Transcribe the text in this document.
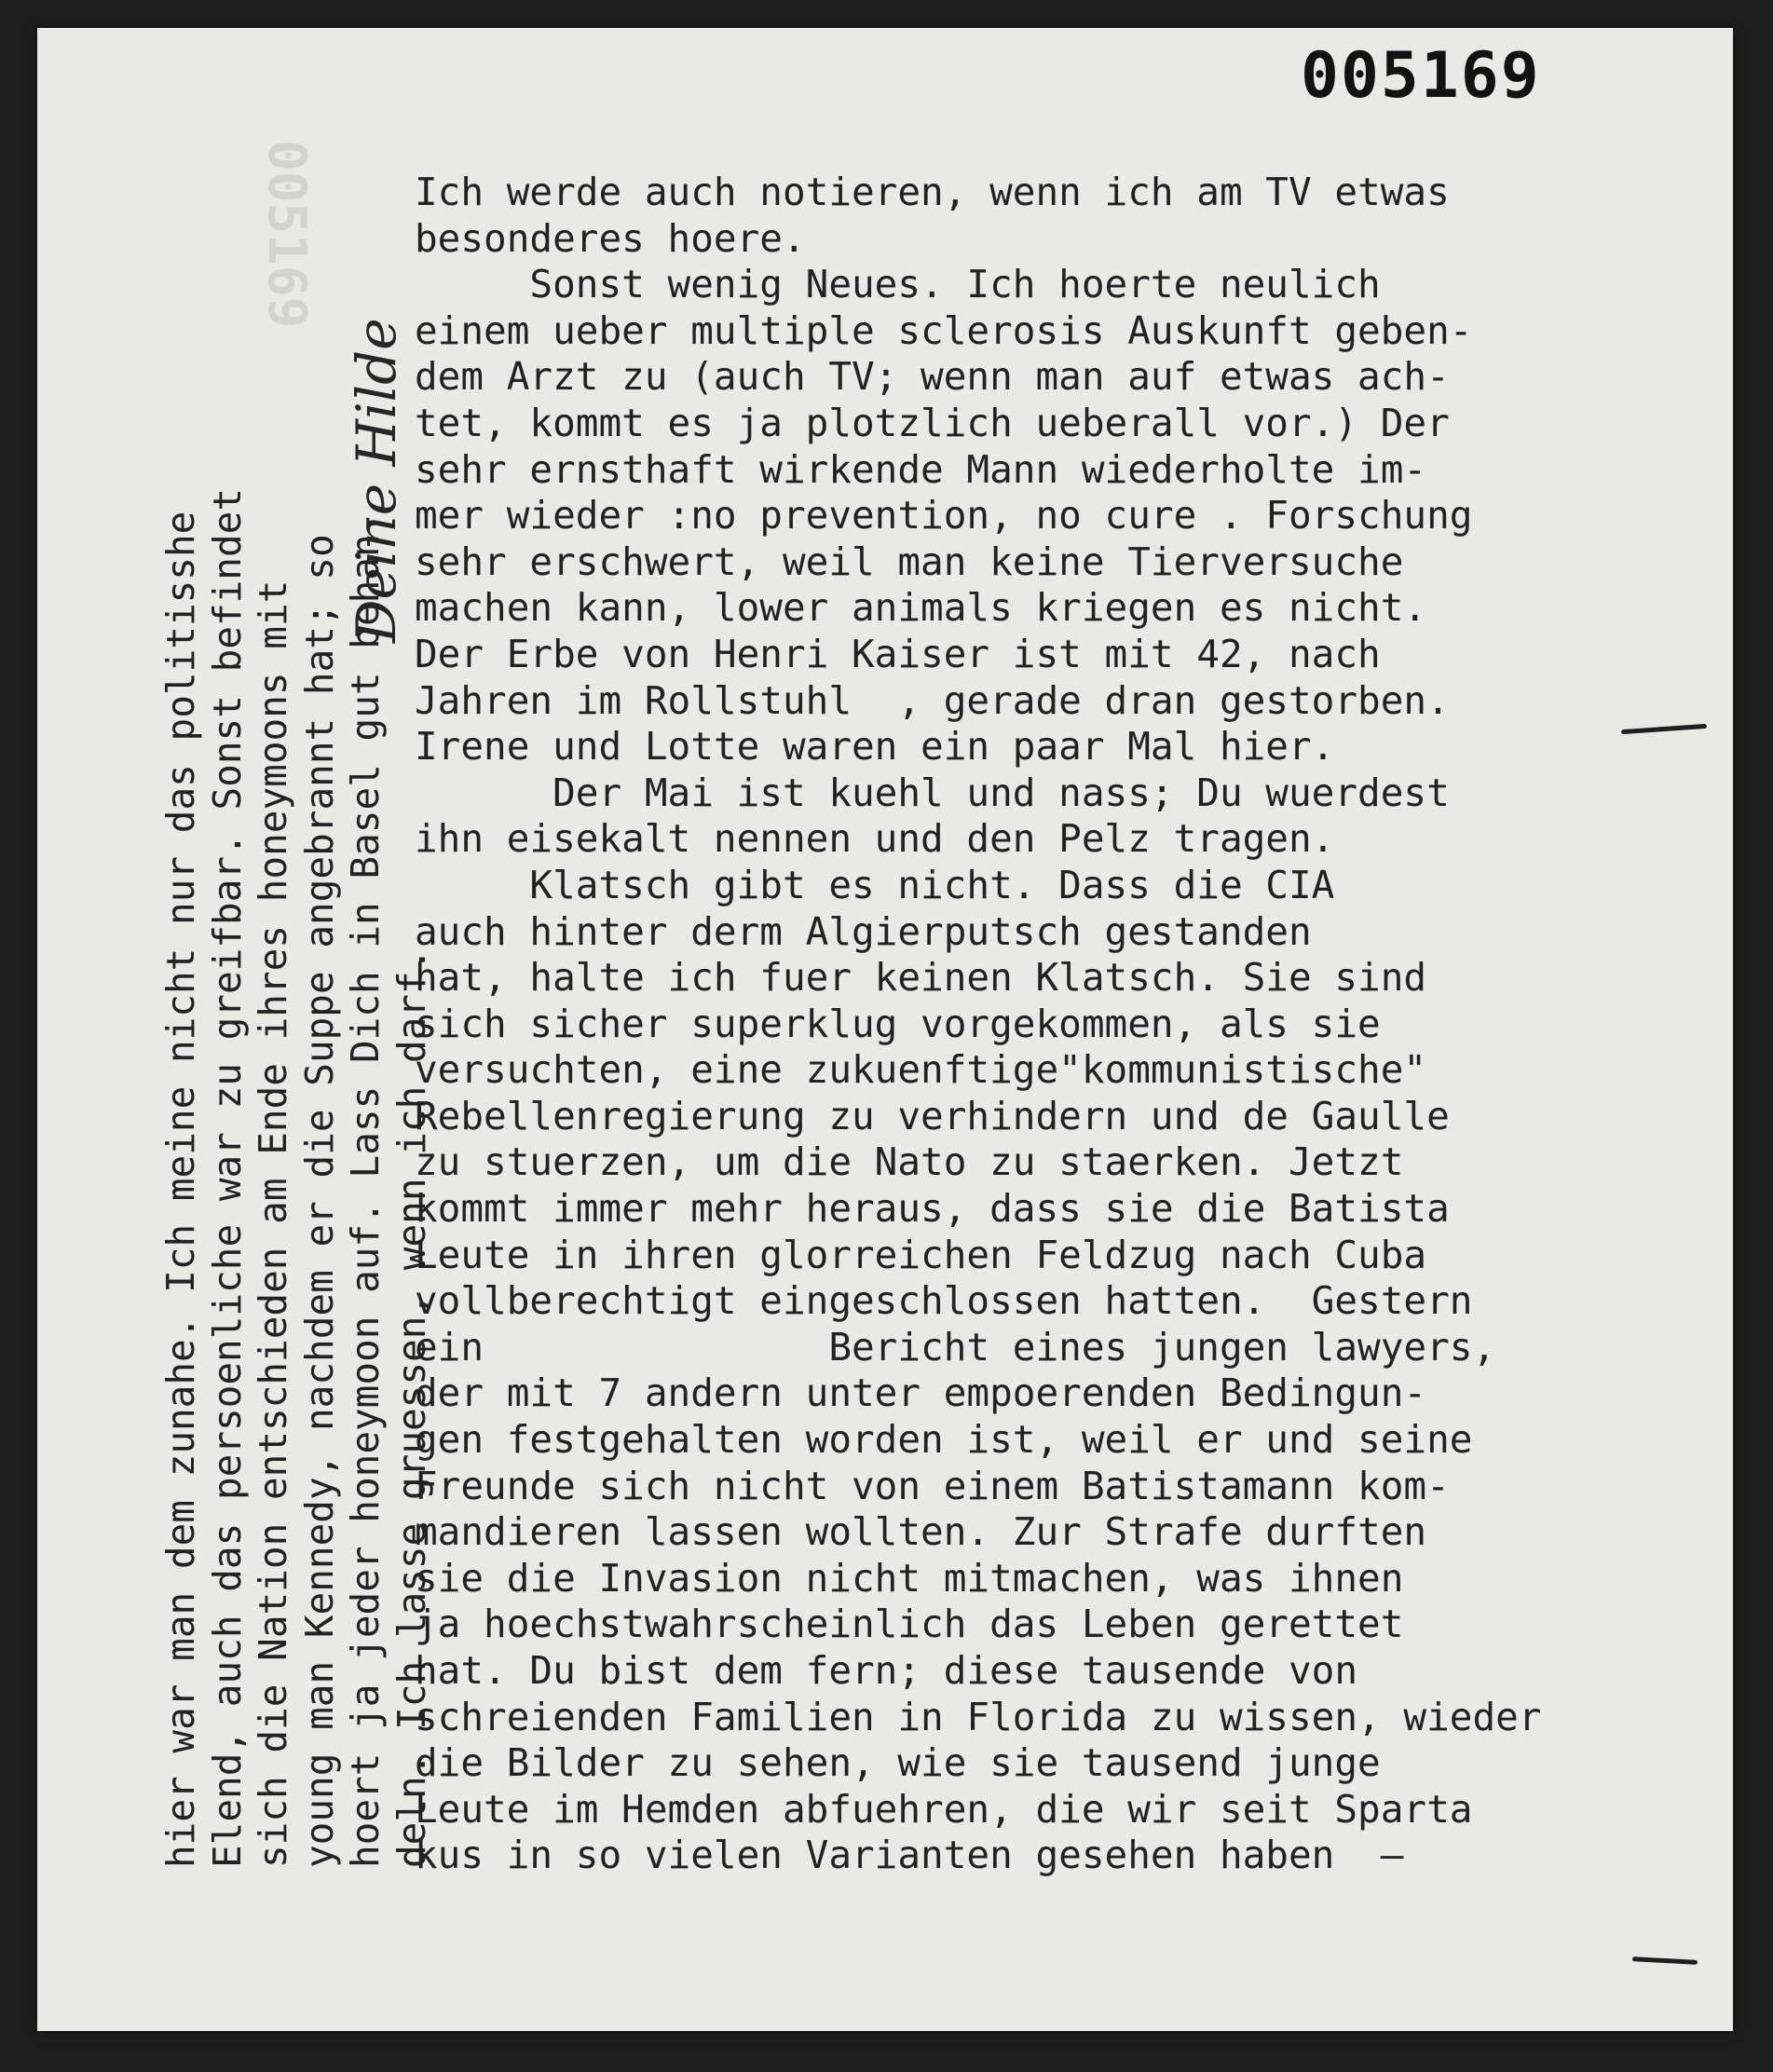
005169
005169
Ich werde auch notieren, wenn ich am TV etwas
besonderes hoere.
Sonst wenig Neues. Ich hoerte neulich
einem ueber multiple sclerosis Auskunft geben-
dem Arzt zu (auch TV; wenn man auf etwas ach-
tet, kommt es ja plotzlich ueberall vor.) Der
sehr ernsthaft wirkende Mann wiederholte im-
mer wieder :no prevention, no cure . Forschung
sehr erschwert, weil man keine Tierversuche
machen kann, lower animals kriegen es nicht.
Der Erbe von Henri Kaiser ist mit 42, nach
Jahren im Rollstuhl  , gerade dran gestorben.
Irene und Lotte waren ein paar Mal hier.
Der Mai ist kuehl und nass; Du wuerdest
ihn eisekalt nennen und den Pelz tragen.
Klatsch gibt es nicht. Dass die CIA
auch hinter derm Algierputsch gestanden
hat, halte ich fuer keinen Klatsch. Sie sind
sich sicher superklug vorgekommen, als sie
versuchten, eine zukuenftige"kommunistische"
Rebellenregierung zu verhindern und de Gaulle
zu stuerzen, um die Nato zu staerken. Jetzt
kommt immer mehr heraus, dass sie die Batista
Leute in ihren glorreichen Feldzug nach Cuba
vollberechtigt eingeschlossen hatten.  Gestern
ein               Bericht eines jungen lawyers,
der mit 7 andern unter empoerenden Bedingun-
gen festgehalten worden ist, weil er und seine
Freunde sich nicht von einem Batistamann kom-
mandieren lassen wollten. Zur Strafe durften
sie die Invasion nicht mitmachen, was ihnen
ja hoechstwahrscheinlich das Leben gerettet
hat. Du bist dem fern; diese tausende von
schreienden Familien in Florida zu wissen, wieder
die Bilder zu sehen, wie sie tausend junge
Leute im Hemden abfuehren, die wir seit Sparta
kus in so vielen Varianten gesehen haben  —
hier war man dem zunahe. Ich meine nicht nur das politisshe Elend, auch das persoenliche war zu greifbar. Sonst befindet sich die Nation entschieden am Ende ihres honeymoons mit young man Kennedy, nachdem er die Suppe angebrannt hat; so hoert ja jeder honeymoon auf. Lass Dich in Basel gut behan- deln. Ich lasse gruessen, wenn ich darf.
Deine Hilde
